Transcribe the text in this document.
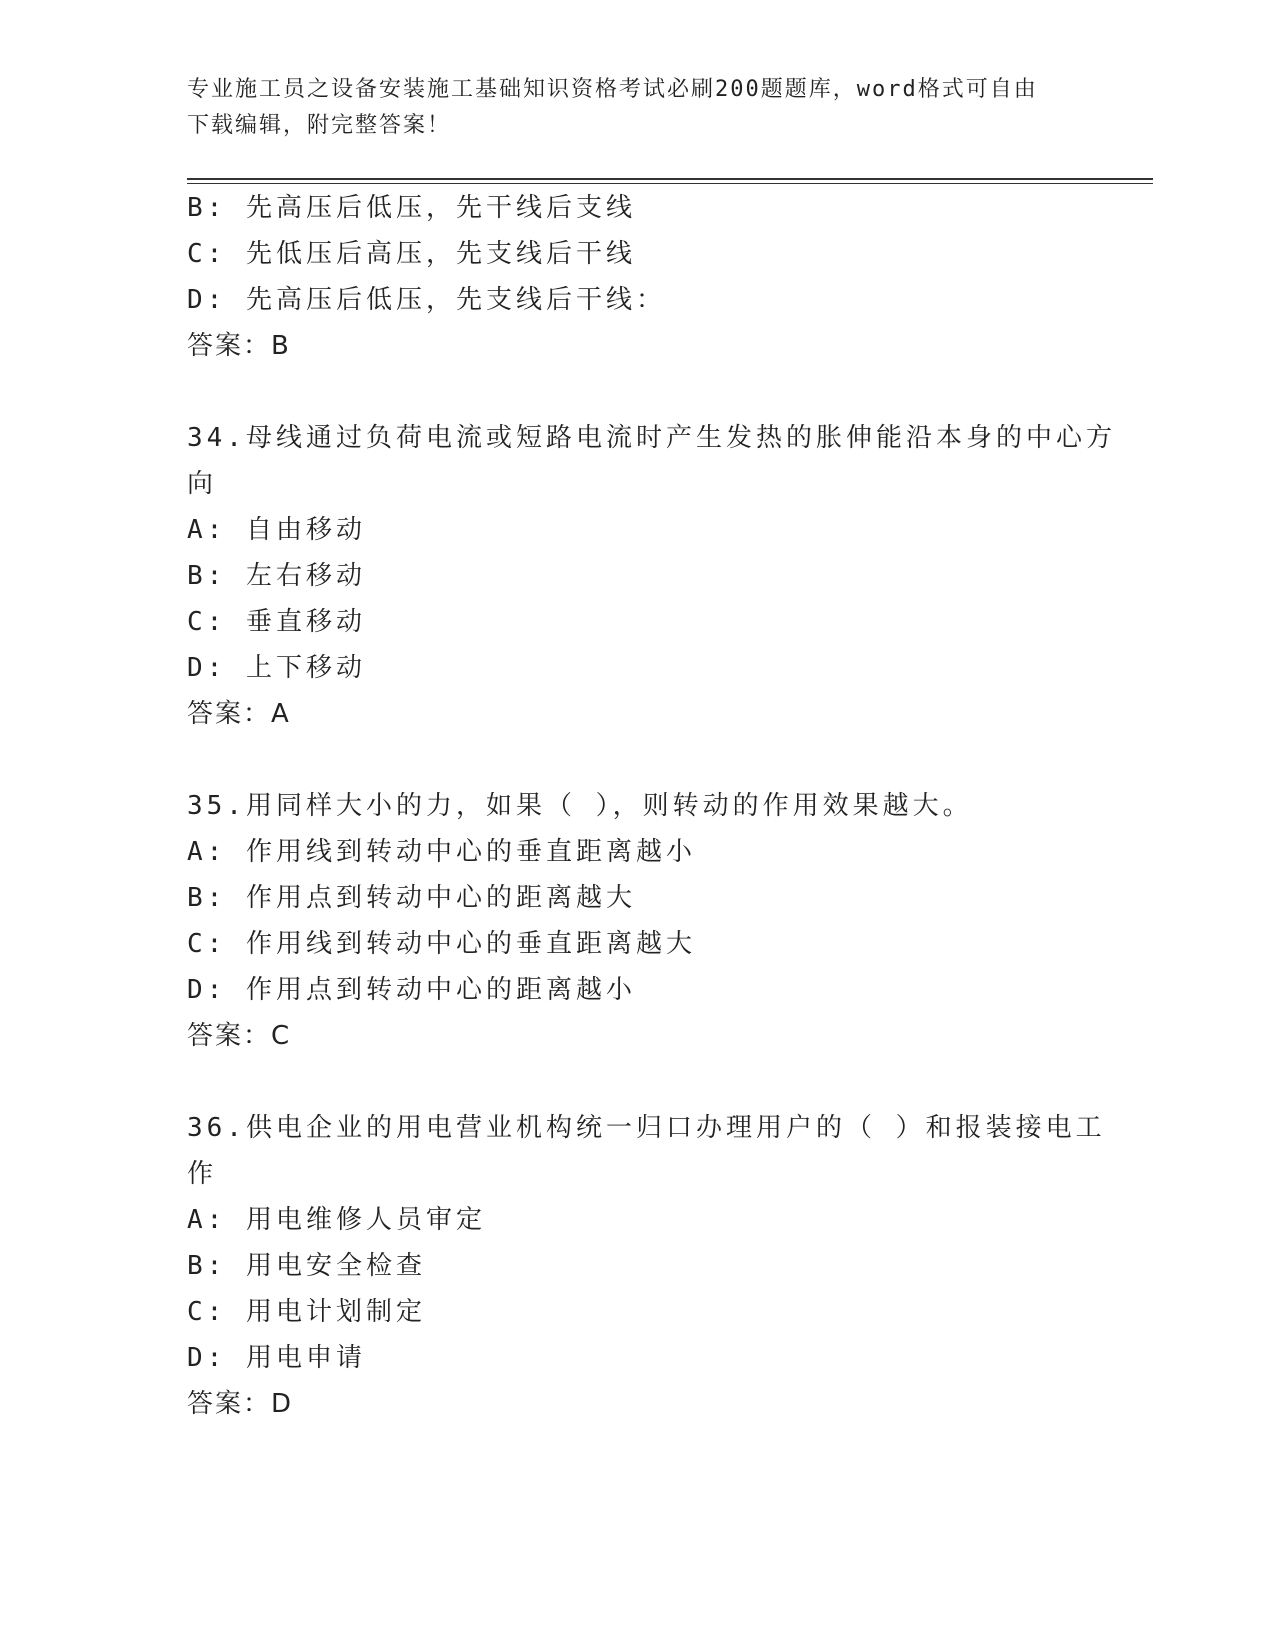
专业施工员之设备安装施工基础知识资格考试必刷200题题库，word格式可自由
下载编辑，附完整答案！
B: 先高压后低压，先干线后支线
C: 先低压后高压，先支线后干线
D: 先高压后低压，先支线后干线：
答案：B
34.母线通过负荷电流或短路电流时产生发热的胀伸能沿本身的中心方
向
A: 自由移动
B: 左右移动
C: 垂直移动
D: 上下移动
答案：A
35.用同样大小的力，如果（ ），则转动的作用效果越大。
A: 作用线到转动中心的垂直距离越小
B: 作用点到转动中心的距离越大
C: 作用线到转动中心的垂直距离越大
D: 作用点到转动中心的距离越小
答案：C
36.供电企业的用电营业机构统一归口办理用户的（ ）和报装接电工
作
A: 用电维修人员审定
B: 用电安全检查
C: 用电计划制定
D: 用电申请
答案：D
